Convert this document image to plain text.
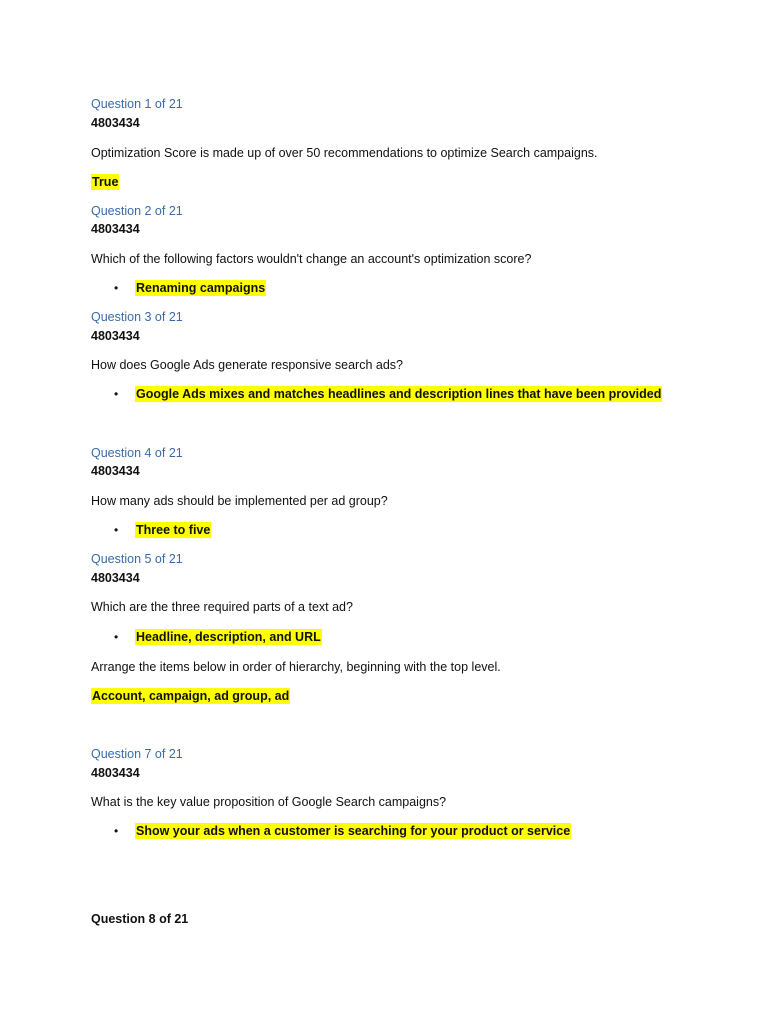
Question 1 of 21
4803434
Optimization Score is made up of over 50 recommendations to optimize Search campaigns.
True
Question 2 of 21
4803434
Which of the following factors wouldn't change an account's optimization score?
• Renaming campaigns
Question 3 of 21
4803434
How does Google Ads generate responsive search ads?
• Google Ads mixes and matches headlines and description lines that have been provided
Question 4 of 21
4803434
How many ads should be implemented per ad group?
• Three to five
Question 5 of 21
4803434
Which are the three required parts of a text ad?
• Headline, description, and URL
Arrange the items below in order of hierarchy, beginning with the top level.
Account, campaign, ad group, ad
Question 7 of 21
4803434
What is the key value proposition of Google Search campaigns?
• Show your ads when a customer is searching for your product or service
Question 8 of 21
